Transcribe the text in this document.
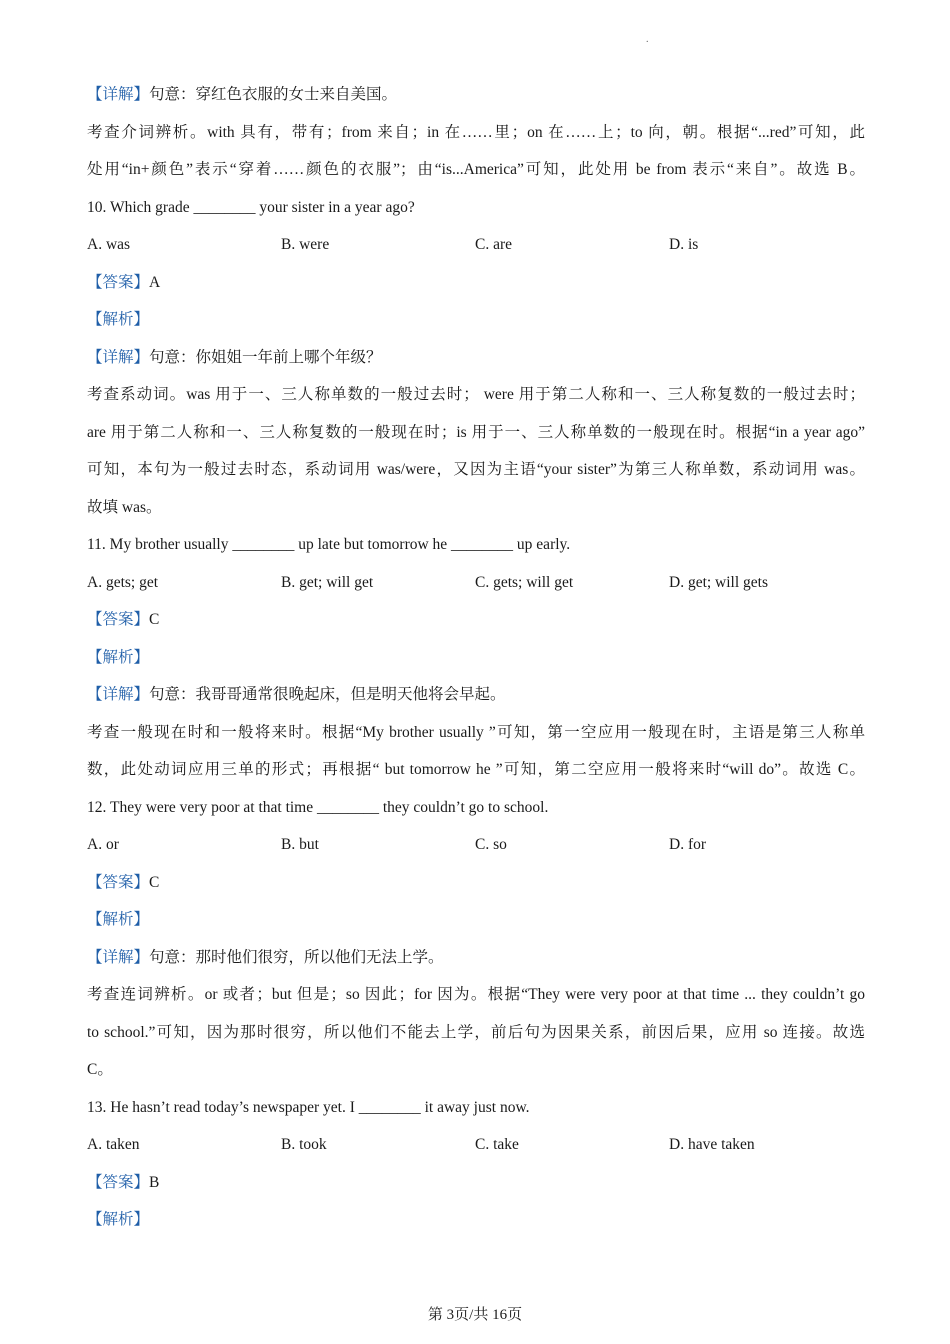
.
【详解】句意：穿红色衣服的女士来自美国。
考查介词辨析。with 具有，带有；from 来自；in 在……里；on 在……上；to 向，朝。根据“...red”可知，此
处用“in+颜色”表示“穿着……颜色的衣服”；由“is...America”可知，此处用 be from 表示“来自”。故选 B。
10. Which grade ________ your sister in a year ago?
A. was	B. were	C. are	D. is
【答案】A
【解析】
【详解】句意：你姐姐一年前上哪个年级？
考查系动词。was 用于一、三人称单数的一般过去时； were 用于第二人称和一、三人称复数的一般过去时；
are 用于第二人称和一、三人称复数的一般现在时；is 用于一、三人称单数的一般现在时。根据“in a year ago”
可知，本句为一般过去时态，系动词用 was/were，又因为主语“your sister”为第三人称单数，系动词用 was。
故填 was。
11. My brother usually ________ up late but tomorrow he ________ up early.
A. gets; get	B. get; will get	C. gets; will get	D. get; will gets
【答案】C
【解析】
【详解】句意：我哥哥通常很晚起床，但是明天他将会早起。
考查一般现在时和一般将来时。根据“My brother usually ”可知，第一空应用一般现在时，主语是第三人称单
数，此处动词应用三单的形式；再根据“ but tomorrow he ”可知，第二空应用一般将来时“will do”。故选 C。
12. They were very poor at that time ________ they couldn’t go to school.
A. or	B. but	C. so	D. for
【答案】C
【解析】
【详解】句意：那时他们很穷，所以他们无法上学。
考查连词辨析。or 或者；but 但是；so 因此；for 因为。根据“They were very poor at that time ... they couldn’t go
to school.”可知，因为那时很穷，所以他们不能去上学，前后句为因果关系，前因后果，应用 so 连接。故选
C。
13. He hasn’t read today’s newspaper yet. I ________ it away just now.
A. taken	B. took	C. take	D. have taken
【答案】B
【解析】
第 3页/共 16页
